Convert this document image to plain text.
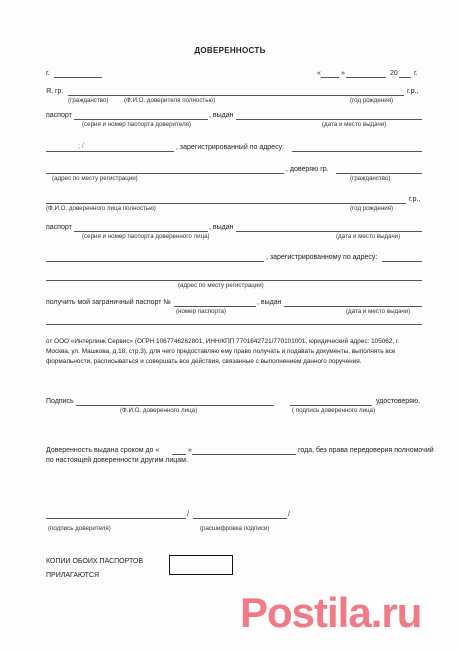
ДОВЕРЕННОСТЬ
г.	«	»	20 г.
Я, гр.	г.р.,
(гражданство)	(Ф.И.О. доверителя полностью)	(год рождения)
паспорт	, выдан
(серия и номер паспорта доверителя)	(дата и место выдачи)
; /	, зарегистрированный по адресу:
, доверяю гр.
(адрес по месту регистрации)	(гражданство)
г.р.,
(Ф.И.О. доверенного лица полностью)	(год рождения)
паспорт	, выдан
(серия и номер паспорта доверенного лица)	(дата и место выдачи)
, зарегистрированному по адресу:
(адрес по месту регистрации)
получить мой заграничный паспорт №	, выдан
(номер паспорта)	(дата и место выдачи)
от ООО «Интерлинк Сервис» (ОГРН 1067746262801, ИНН/КПП 7701642721/770101001, юридический адрес: 105062, г. Москва, ул. Машкова, д.18, стр.3), для чего предоставляю ему право получать и подавать документы, выполнять все формальности, расписываться и совершать все действия, связанные с выполнением данного поручения.
Подпись	удостоверяю,
(Ф.И.О. доверенного лица)	( подпись доверенного лица)
Доверенность выдана сроком до «	»	года, без права передоверия полномочий
по настоящей доверенности другим лицам.
/	/
(подпись доверителя)	(расшифровка подписи)
КОПИИ ОБОИХ ПАСПОРТОВ
ПРИЛАГАЮТСЯ
Postila.ru
